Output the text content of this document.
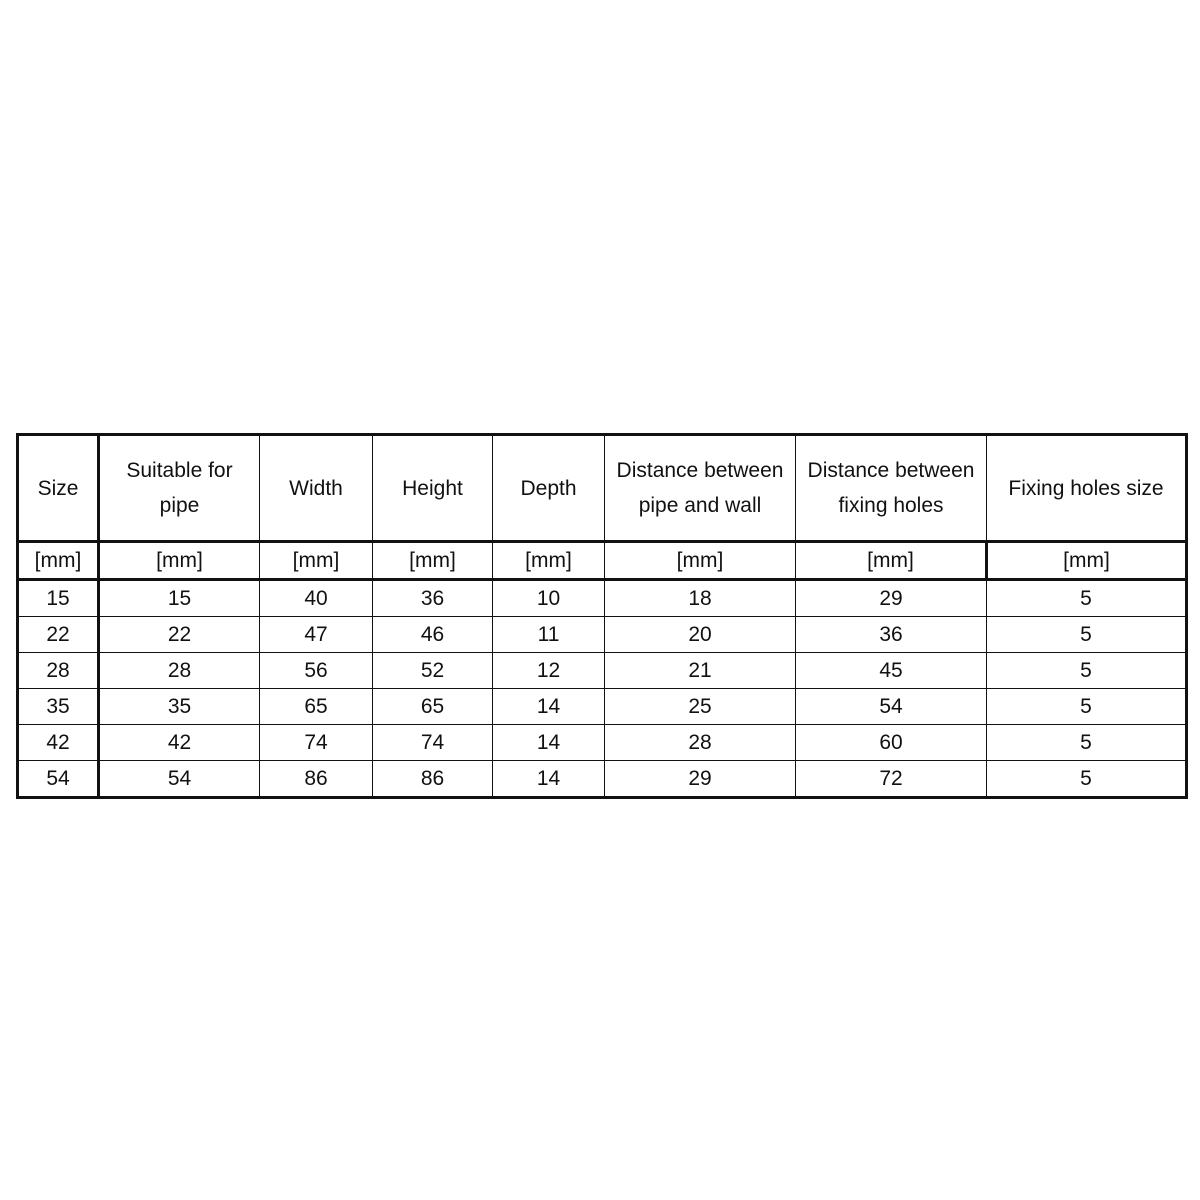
Size	Suitable for pipe	Width	Height	Depth	Distance between pipe and wall	Distance between fixing holes	Fixing holes size
[mm]	[mm]	[mm]	[mm]	[mm]	[mm]	[mm]	[mm]
15	15	40	36	10	18	29	5
22	22	47	46	11	20	36	5
28	28	56	52	12	21	45	5
35	35	65	65	14	25	54	5
42	42	74	74	14	28	60	5
54	54	86	86	14	29	72	5
